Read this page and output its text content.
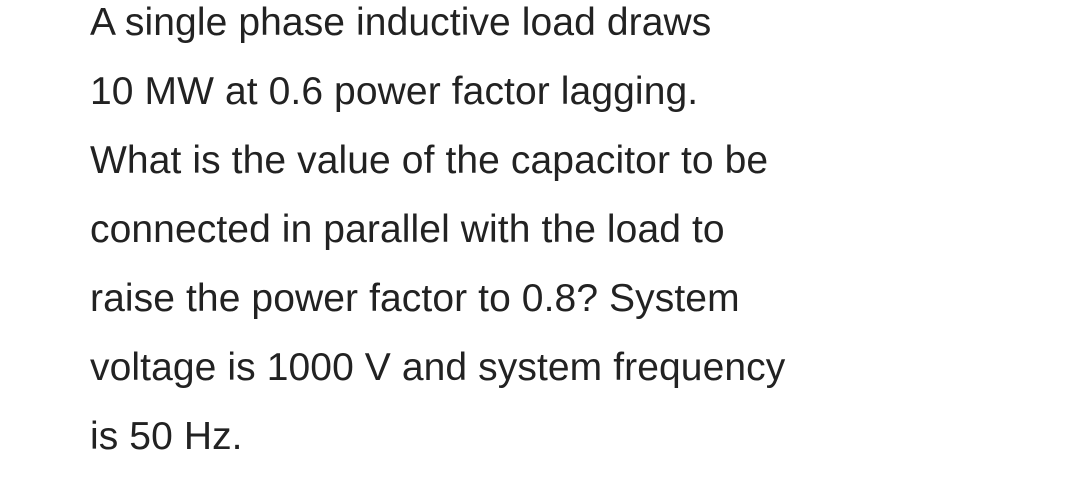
A single phase inductive load draws
10 MW at 0.6 power factor lagging.
What is the value of the capacitor to be
connected in parallel with the load to
raise the power factor to 0.8? System
voltage is 1000 V and system frequency
is 50 Hz.
